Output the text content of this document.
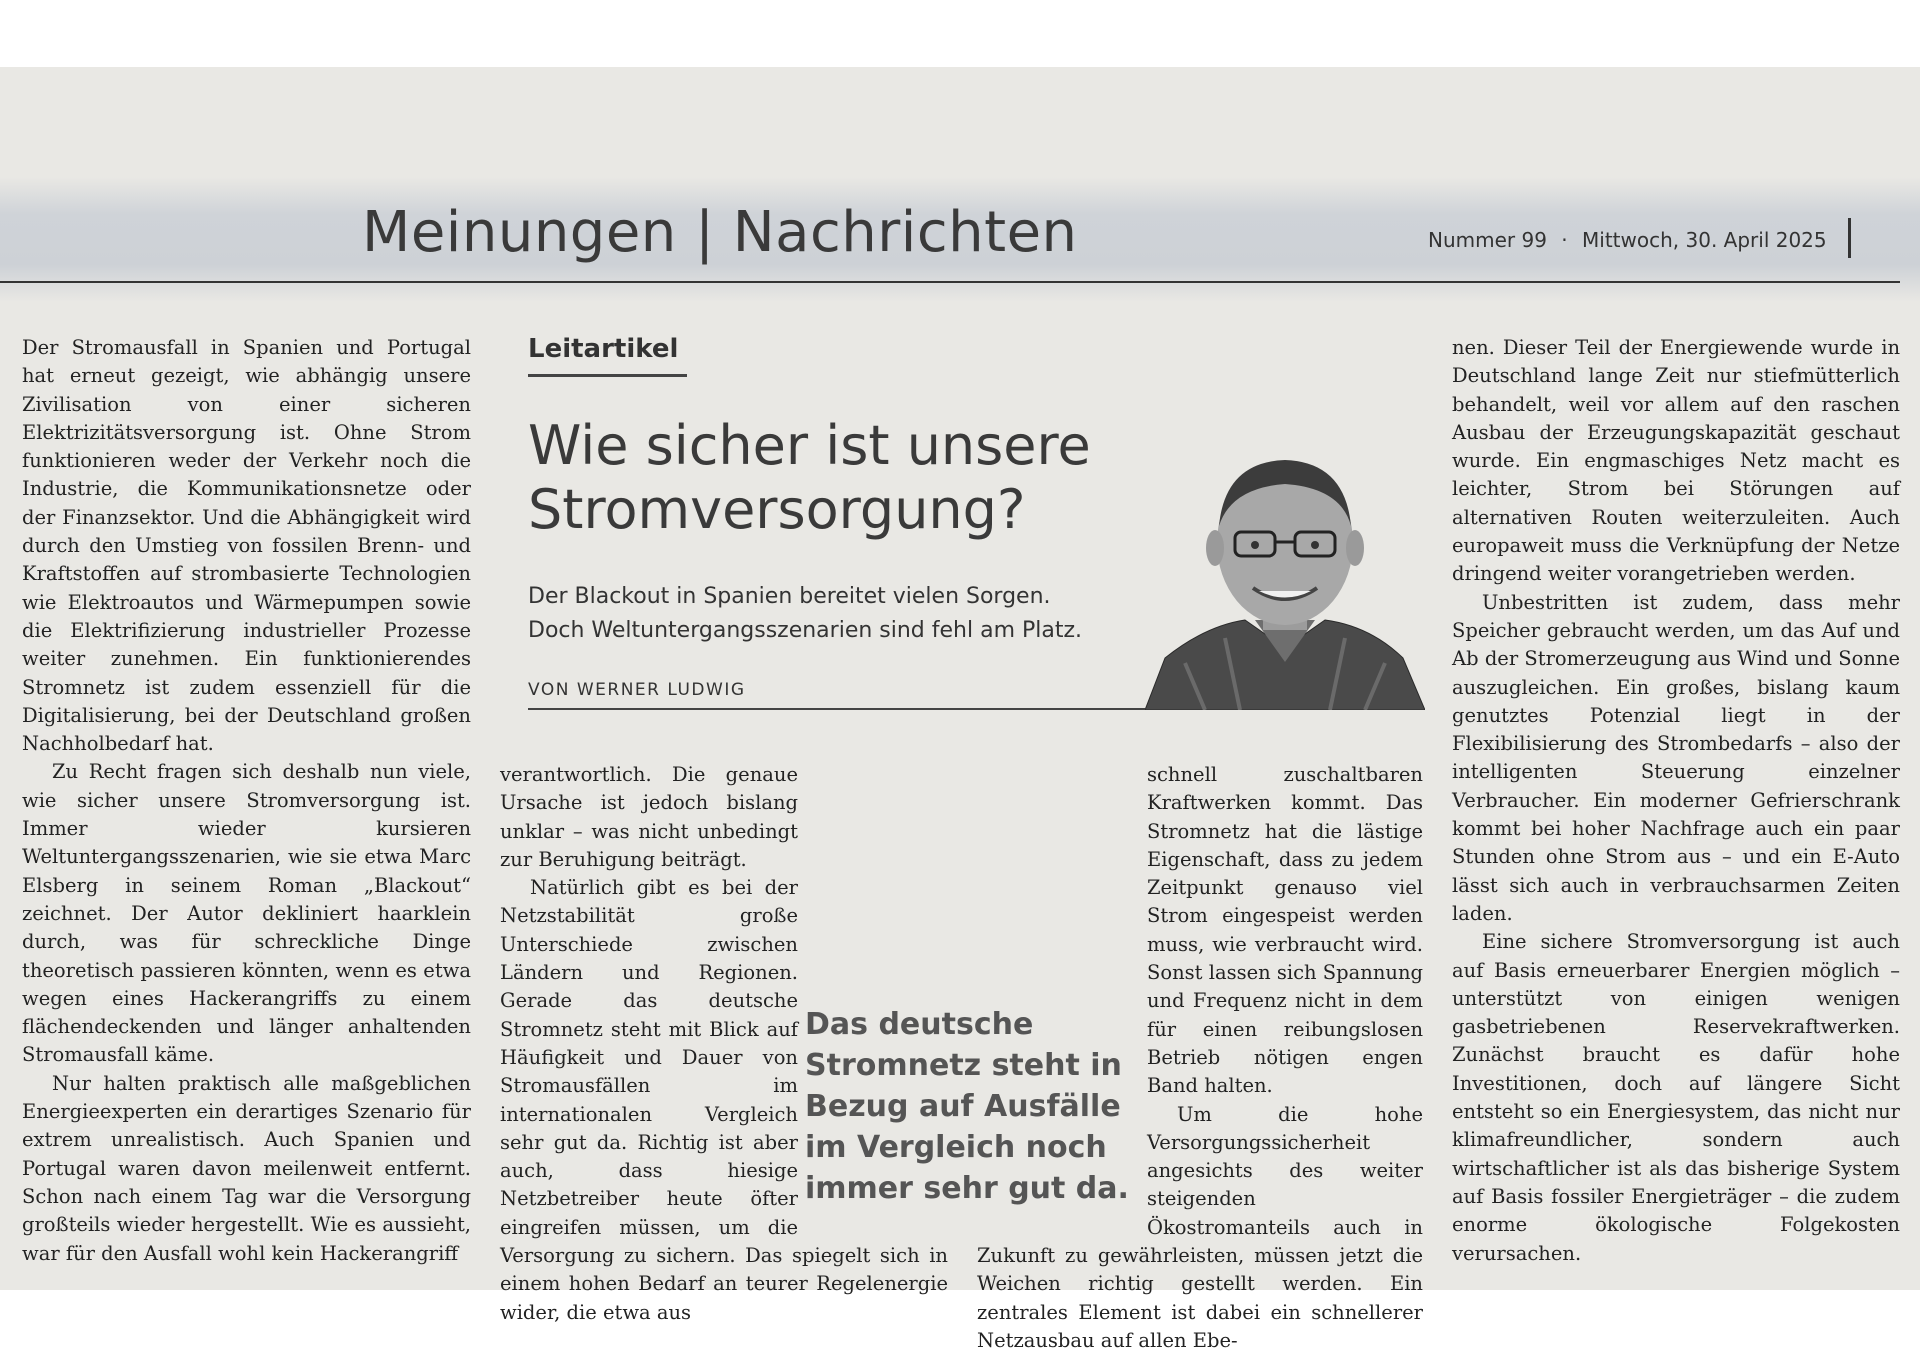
Meinungen | Nachrichten	Nummer 99 · Mittwoch, 30. April 2025

Der Stromausfall in Spanien und Portugal hat erneut gezeigt, wie abhängig unsere Zivilisation von einer sicheren Elektrizitätsversorgung ist. Ohne Strom funktionieren weder der Verkehr noch die Industrie, die Kommunikationsnetze oder der Finanzsektor. Und die Abhängigkeit wird durch den Umstieg von fossilen Brenn- und Kraftstoffen auf strombasierte Technologien wie Elektroautos und Wärmepumpen sowie die Elektrifizierung industrieller Prozesse weiter zunehmen. Ein funktionierendes Stromnetz ist zudem essenziell für die Digitalisierung, bei der Deutschland großen Nachholbedarf hat.

Zu Recht fragen sich deshalb nun viele, wie sicher unsere Stromversorgung ist. Immer wieder kursieren Weltuntergangsszenarien, wie sie etwa Marc Elsberg in seinem Roman „Blackout“ zeichnet. Der Autor dekliniert haarklein durch, was für schreckliche Dinge theoretisch passieren könnten, wenn es etwa wegen eines Hackerangriffs zu einem flächendeckenden und länger anhaltenden Stromausfall käme.

Nur halten praktisch alle maßgeblichen Energieexperten ein derartiges Szenario für extrem unrealistisch. Auch Spanien und Portugal waren davon meilenweit entfernt. Schon nach einem Tag war die Versorgung großteils wieder hergestellt. Wie es aussieht, war für den Ausfall wohl kein Hackerangriff

Leitartikel
Wie sicher ist unsere
Stromversorgung?
Der Blackout in Spanien bereitet vielen Sorgen.
Doch Weltuntergangsszenarien sind fehl am Platz.
VON WERNER LUDWIG

verantwortlich. Die genaue Ursache ist jedoch bislang unklar – was nicht unbedingt zur Beruhigung beiträgt.

Natürlich gibt es bei der Netzstabilität große Unterschiede zwischen Ländern und Regionen. Gerade das deutsche Stromnetz steht mit Blick auf Häufigkeit und Dauer von Stromausfällen im internationalen Vergleich sehr gut da. Richtig ist aber auch, dass hiesige Netzbetreiber heute öfter eingreifen müssen, um die Versorgung zu sichern. Das spiegelt sich in einem hohen Bedarf an teurer Regelenergie wider, die etwa aus

schnell zuschaltbaren Kraftwerken kommt. Das Stromnetz hat die lästige Eigenschaft, dass zu jedem Zeitpunkt genauso viel Strom eingespeist werden muss, wie verbraucht wird. Sonst lassen sich Spannung und Frequenz nicht in dem für einen reibungslosen Betrieb nötigen engen Band halten.

Um die hohe Versorgungssicherheit angesichts des weiter steigenden Ökostromanteils auch in Zukunft zu gewährleisten, müssen jetzt die Weichen richtig gestellt werden. Ein zentrales Element ist dabei ein schnellerer Netzausbau auf allen Ebe-

nen. Dieser Teil der Energiewende wurde in Deutschland lange Zeit nur stiefmütterlich behandelt, weil vor allem auf den raschen Ausbau der Erzeugungskapazität geschaut wurde. Ein engmaschiges Netz macht es leichter, Strom bei Störungen auf alternativen Routen weiterzuleiten. Auch europaweit muss die Verknüpfung der Netze dringend weiter vorangetrieben werden.

Unbestritten ist zudem, dass mehr Speicher gebraucht werden, um das Auf und Ab der Stromerzeugung aus Wind und Sonne auszugleichen. Ein großes, bislang kaum genutztes Potenzial liegt in der Flexibilisierung des Strombedarfs – also der intelligenten Steuerung einzelner Verbraucher. Ein moderner Gefrierschrank kommt bei hoher Nachfrage auch ein paar Stunden ohne Strom aus – und ein E-Auto lässt sich auch in verbrauchsarmen Zeiten laden.

Eine sichere Stromversorgung ist auch auf Basis erneuerbarer Energien möglich – unterstützt von einigen wenigen gasbetriebenen Reservekraftwerken. Zunächst braucht es dafür hohe Investitionen, doch auf längere Sicht entsteht so ein Energiesystem, das nicht nur klimafreundlicher, sondern auch wirtschaftlicher ist als das bisherige System auf Basis fossiler Energieträger – die zudem enorme ökologische Folgekosten verursachen.

Das deutsche Stromnetz steht in Bezug auf Ausfälle im Vergleich noch immer sehr gut da.
